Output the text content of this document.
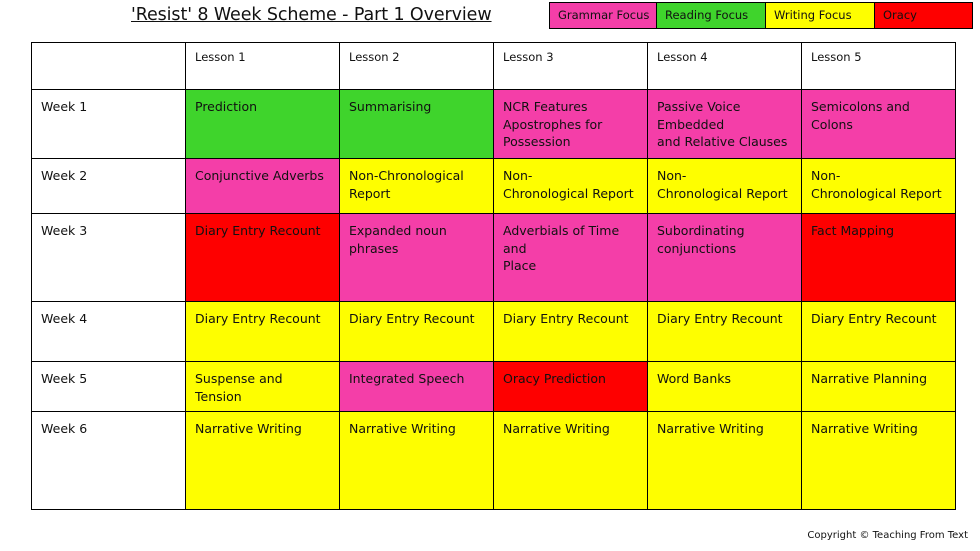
'Resist' 8 Week Scheme - Part 1 Overview	Grammar Focus	Reading Focus	Writing Focus	Oracy
	Lesson 1	Lesson 2	Lesson 3	Lesson 4	Lesson 5
Week 1	Prediction	Summarising	NCR Features
Apostrophes for
Possession	Passive Voice
Embedded
and Relative Clauses	Semicolons and Colons
Week 2	Conjunctive Adverbs	Non-Chronological
Report	Non-
Chronological Report	Non-
Chronological Report	Non-
Chronological Report
Week 3	Diary Entry Recount	Expanded noun
phrases	Adverbials of Time and
Place	Subordinating
conjunctions	Fact Mapping
Week 4	Diary Entry Recount	Diary Entry Recount	Diary Entry Recount	Diary Entry Recount	Diary Entry Recount
Week 5	Suspense and Tension	Integrated Speech	Oracy Prediction	Word Banks	Narrative Planning
Week 6	Narrative Writing	Narrative Writing	Narrative Writing	Narrative Writing	Narrative Writing
Copyright © Teaching From Text
